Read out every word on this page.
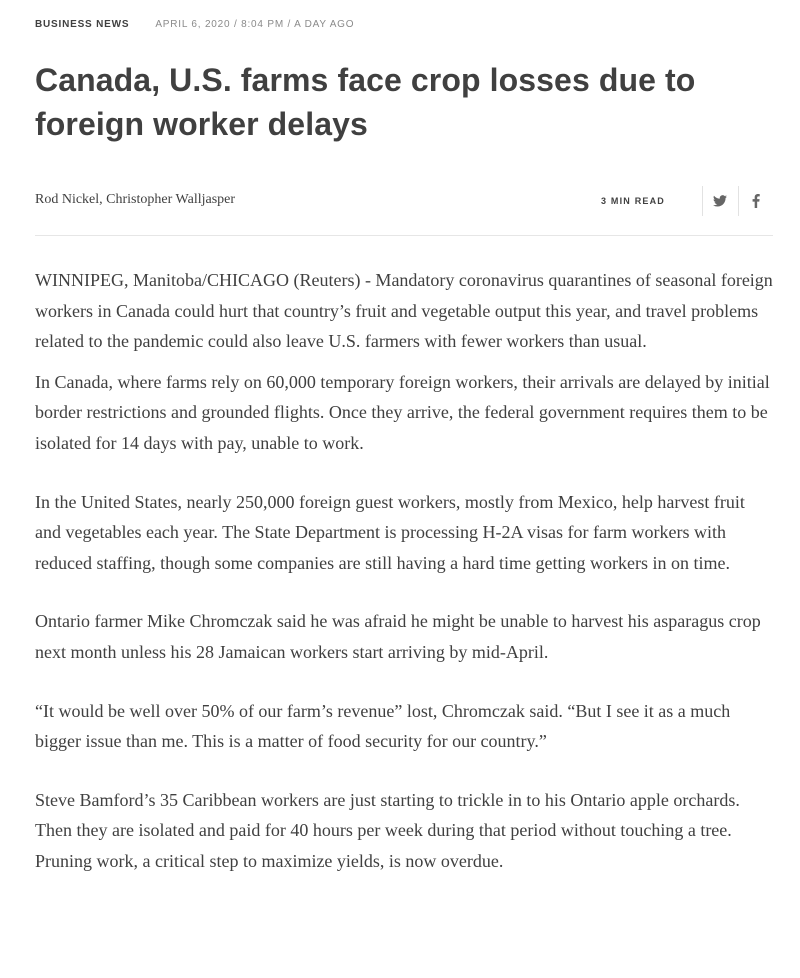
BUSINESS NEWS	APRIL 6, 2020 / 8:04 PM / A DAY AGO
Canada, U.S. farms face crop losses due to foreign worker delays
Rod Nickel, Christopher Walljasper	3 MIN READ

WINNIPEG, Manitoba/CHICAGO (Reuters) - Mandatory coronavirus quarantines of seasonal foreign workers in Canada could hurt that country’s fruit and vegetable output this year, and travel problems related to the pandemic could also leave U.S. farmers with fewer workers than usual.

In Canada, where farms rely on 60,000 temporary foreign workers, their arrivals are delayed by initial border restrictions and grounded flights. Once they arrive, the federal government requires them to be isolated for 14 days with pay, unable to work.

In the United States, nearly 250,000 foreign guest workers, mostly from Mexico, help harvest fruit and vegetables each year. The State Department is processing H-2A visas for farm workers with reduced staffing, though some companies are still having a hard time getting workers in on time.

Ontario farmer Mike Chromczak said he was afraid he might be unable to harvest his asparagus crop next month unless his 28 Jamaican workers start arriving by mid-April.

“It would be well over 50% of our farm’s revenue” lost, Chromczak said. “But I see it as a much bigger issue than me. This is a matter of food security for our country.”

Steve Bamford’s 35 Caribbean workers are just starting to trickle in to his Ontario apple orchards. Then they are isolated and paid for 40 hours per week during that period without touching a tree. Pruning work, a critical step to maximize yields, is now overdue.
